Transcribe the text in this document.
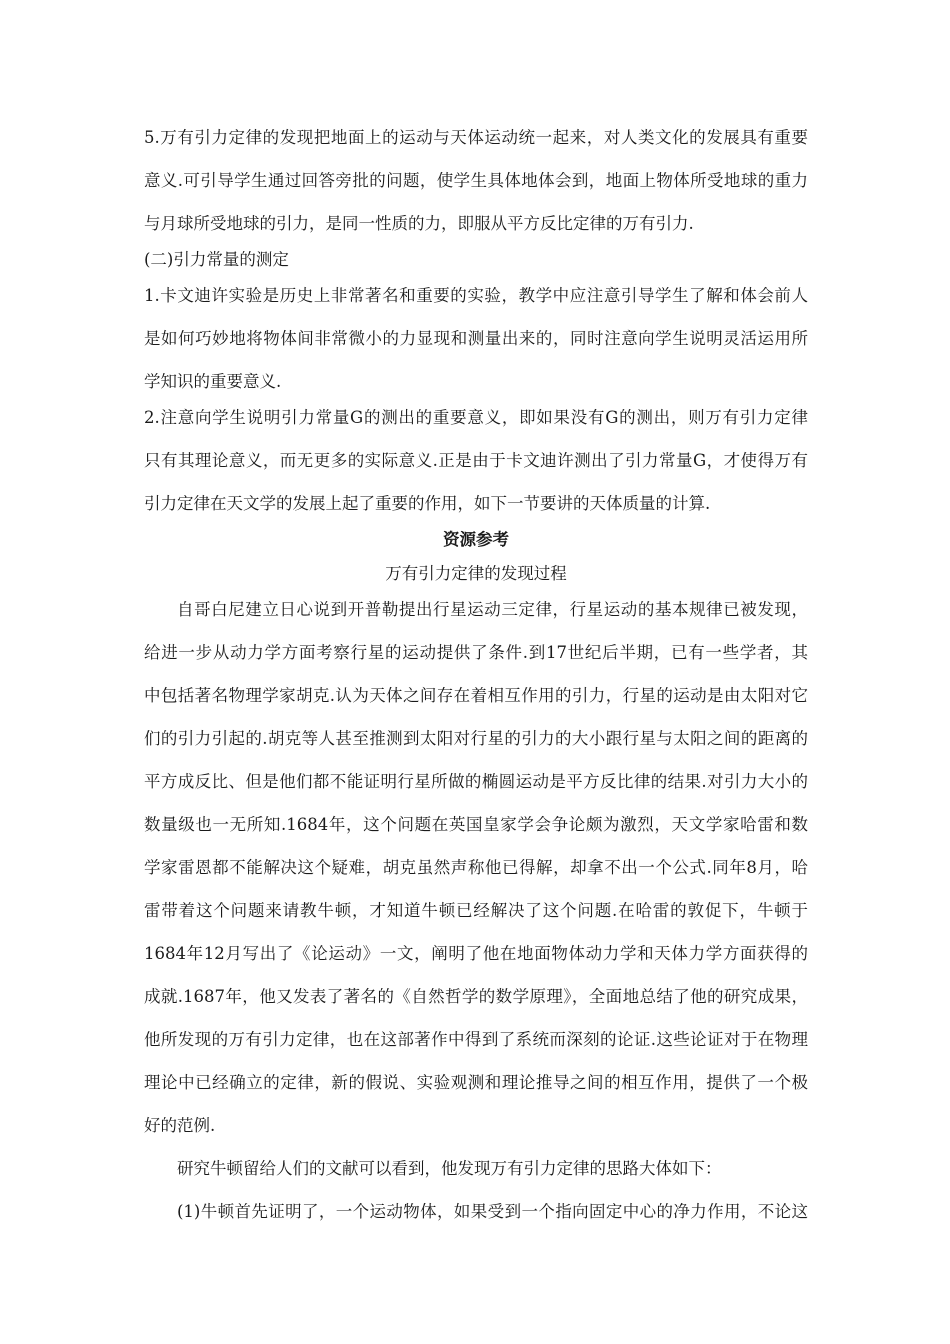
5.万有引力定律的发现把地面上的运动与天体运动统一起来，对人类文化的发展具有重要
意义.可引导学生通过回答旁批的问题，使学生具体地体会到，地面上物体所受地球的重力
与月球所受地球的引力，是同一性质的力，即服从平方反比定律的万有引力.
(二)引力常量的测定
1.卡文迪许实验是历史上非常著名和重要的实验，教学中应注意引导学生了解和体会前人
是如何巧妙地将物体间非常微小的力显现和测量出来的，同时注意向学生说明灵活运用所
学知识的重要意义.
2.注意向学生说明引力常量G的测出的重要意义，即如果没有G的测出，则万有引力定律
只有其理论意义，而无更多的实际意义.正是由于卡文迪许测出了引力常量G，才使得万有
引力定律在天文学的发展上起了重要的作用，如下一节要讲的天体质量的计算.
资源参考
万有引力定律的发现过程
自哥白尼建立日心说到开普勒提出行星运动三定律，行星运动的基本规律已被发现，
给进一步从动力学方面考察行星的运动提供了条件.到17世纪后半期，已有一些学者，其
中包括著名物理学家胡克.认为天体之间存在着相互作用的引力，行星的运动是由太阳对它
们的引力引起的.胡克等人甚至推测到太阳对行星的引力的大小跟行星与太阳之间的距离的
平方成反比、但是他们都不能证明行星所做的椭圆运动是平方反比律的结果.对引力大小的
数量级也一无所知.1684年，这个问题在英国皇家学会争论颇为激烈，天文学家哈雷和数
学家雷恩都不能解决这个疑难，胡克虽然声称他已得解，却拿不出一个公式.同年8月，哈
雷带着这个问题来请教牛顿，才知道牛顿已经解决了这个问题.在哈雷的敦促下，牛顿于
1684年12月写出了《论运动》一文，阐明了他在地面物体动力学和天体力学方面获得的
成就.1687年，他又发表了著名的《自然哲学的数学原理》，全面地总结了他的研究成果，
他所发现的万有引力定律，也在这部著作中得到了系统而深刻的论证.这些论证对于在物理
理论中已经确立的定律，新的假说、实验观测和理论推导之间的相互作用，提供了一个极
好的范例.
研究牛顿留给人们的文献可以看到，他发现万有引力定律的思路大体如下：
(1)牛顿首先证明了，一个运动物体，如果受到一个指向固定中心的净力作用，不论这
